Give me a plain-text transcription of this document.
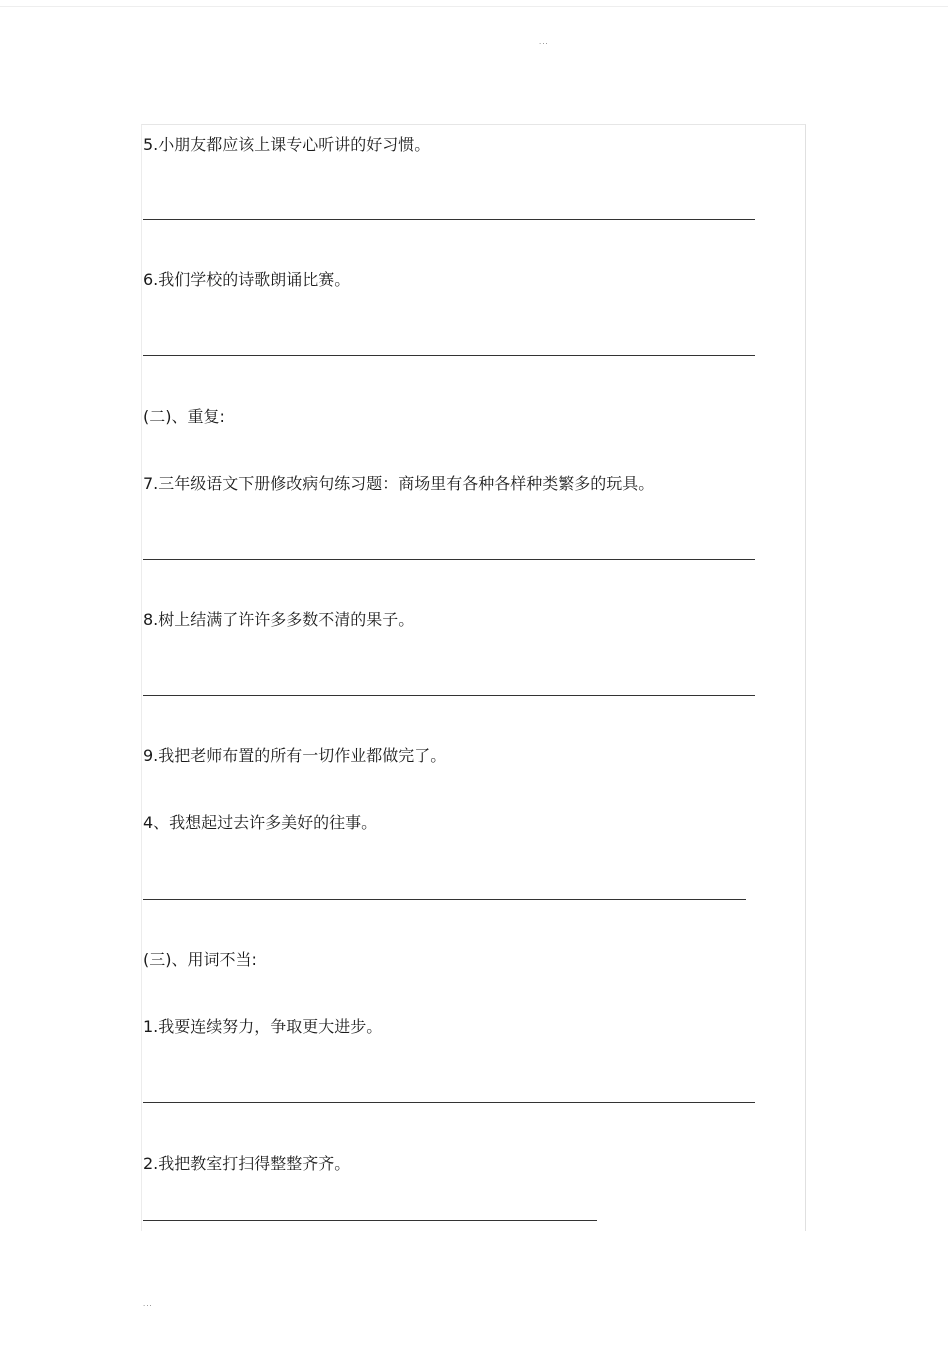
...
5.小朋友都应该上课专心听讲的好习惯。
6.我们学校的诗歌朗诵比赛。
(二)、重复:
7.三年级语文下册修改病句练习题：商场里有各种各样种类繁多的玩具。
8.树上结满了许许多多数不清的果子。
9.我把老师布置的所有一切作业都做完了。
4、我想起过去许多美好的往事。
(三)、用词不当:
1.我要连续努力，争取更大进步。
2.我把教室打扫得整整齐齐。
...
